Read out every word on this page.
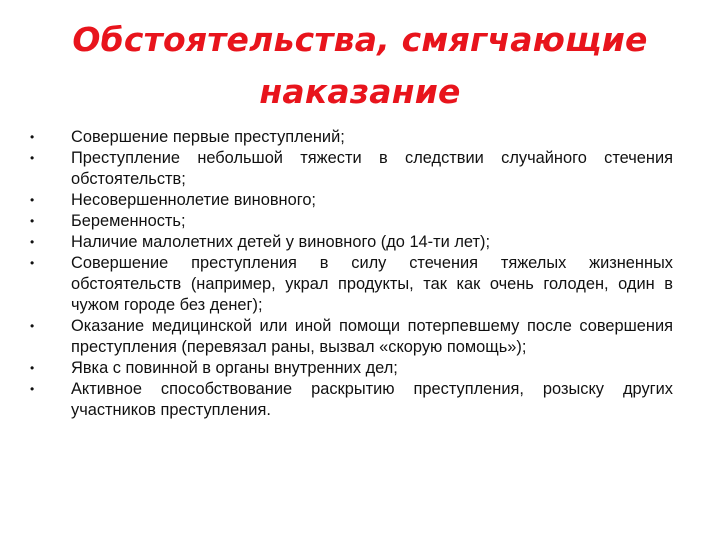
Обстоятельства, смягчающие наказание
•	Совершение первые преступлений;
•	Преступление небольшой тяжести в следствии случайного стечения обстоятельств;
•	Несовершеннолетие виновного;
•	Беременность;
•	Наличие малолетних детей у виновного (до 14-ти лет);
•	Совершение преступления в силу стечения тяжелых жизненных обстоятельств (например, украл продукты, так как очень голоден, один в чужом городе без денег);
•	Оказание медицинской или иной помощи потерпевшему после совершения преступления (перевязал раны, вызвал «скорую помощь»);
•	Явка с повинной в органы внутренних дел;
•	Активное способствование раскрытию преступления, розыску других участников преступления.
